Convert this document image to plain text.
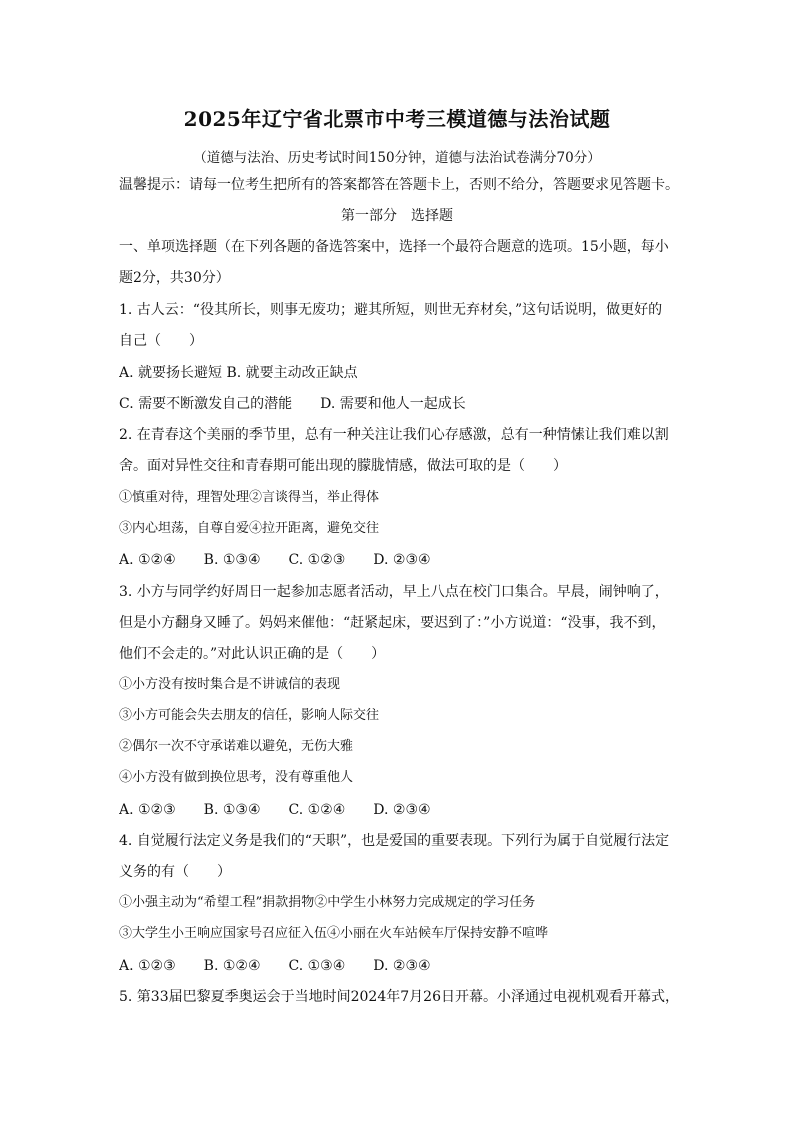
2025年辽宁省北票市中考三模道德与法治试题
（道德与法治、历史考试时间150分钟，道德与法治试卷满分70分）
温馨提示：请每一位考生把所有的答案都答在答题卡上，否则不给分，答题要求见答题卡。
第一部分　选择题
一、单项选择题（在下列各题的备选答案中，选择一个最符合题意的选项。15小题，每小
题2分，共30分）
1. 古人云：“役其所长，则事无废功；避其所短，则世无弃材矣，”这句话说明，做更好的
自己（　　）
A. 就要扬长避短 B. 就要主动改正缺点
C. 需要不断激发自己的潜能　　D. 需要和他人一起成长
2. 在青春这个美丽的季节里，总有一种关注让我们心存感激，总有一种情愫让我们难以割
舍。面对异性交往和青春期可能出现的朦胧情感，做法可取的是（　　）
①慎重对待，理智处理②言谈得当，举止得体
③内心坦荡，自尊自爱④拉开距离，避免交往
A. ①②④　　B. ①③④　　C. ①②③　　D. ②③④
3. 小方与同学约好周日一起参加志愿者活动，早上八点在校门口集合。早晨，闹钟响了，
但是小方翻身又睡了。妈妈来催他：“赶紧起床，要迟到了：”小方说道：“没事，我不到，
他们不会走的。”对此认识正确的是（　　）
①小方没有按时集合是不讲诚信的表现
③小方可能会失去朋友的信任，影响人际交往
②偶尔一次不守承诺难以避免，无伤大雅
④小方没有做到换位思考，没有尊重他人
A. ①②③　　B. ①③④　　C. ①②④　　D. ②③④
4. 自觉履行法定义务是我们的“天职”，也是爱国的重要表现。下列行为属于自觉履行法定
义务的有（　　）
①小强主动为“希望工程”捐款捐物②中学生小林努力完成规定的学习任务
③大学生小王响应国家号召应征入伍④小丽在火车站候车厅保持安静不喧哗
A. ①②③　　B. ①②④　　C. ①③④　　D. ②③④
5. 第33届巴黎夏季奥运会于当地时间2024年7月26日开幕。小泽通过电视机观看开幕式，
